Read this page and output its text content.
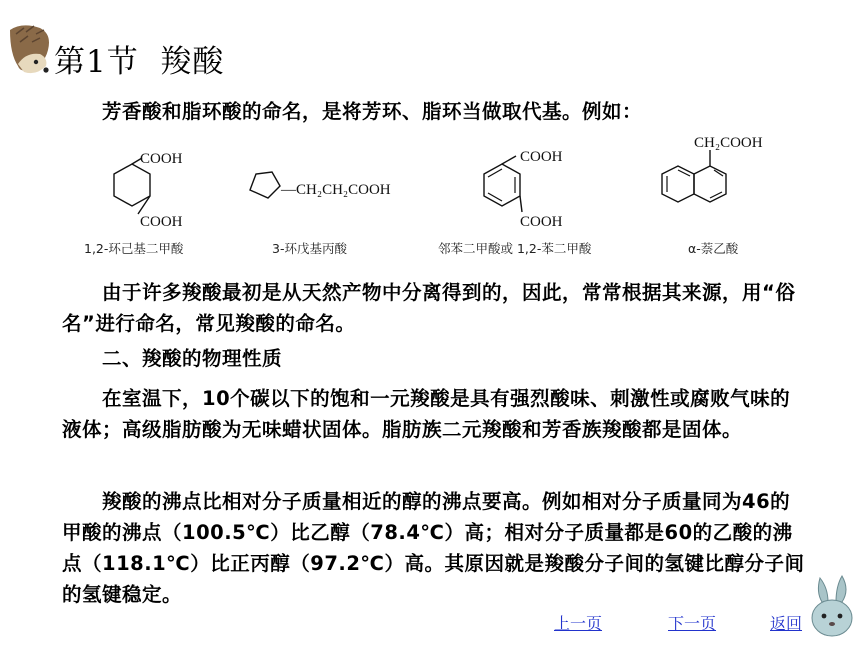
第1节  羧酸
芳香酸和脂环酸的命名，是将芳环、脂环当做取代基。例如：
COOH
COOH
1,2-环己基二甲酸
—CH₂CH₂COOH
3-环戊基丙酸
COOH
COOH
邻苯二甲酸或 1,2-苯二甲酸
CH₂COOH
α-萘乙酸
由于许多羧酸最初是从天然产物中分离得到的，因此，常常根据其来源，用“俗名”进行命名，常见羧酸的命名。
二、羧酸的物理性质
在室温下，10个碳以下的饱和一元羧酸是具有强烈酸味、刺激性或腐败气味的液体；高级脂肪酸为无味蜡状固体。脂肪族二元羧酸和芳香族羧酸都是固体。
羧酸的沸点比相对分子质量相近的醇的沸点要高。例如相对分子质量同为46的甲酸的沸点（100.5℃）比乙醇（78.4℃）高；相对分子质量都是60的乙酸的沸点（118.1℃）比正丙醇（97.2℃）高。其原因就是羧酸分子间的氢键比醇分子间的氢键稳定。
上一页	下一页	返回
